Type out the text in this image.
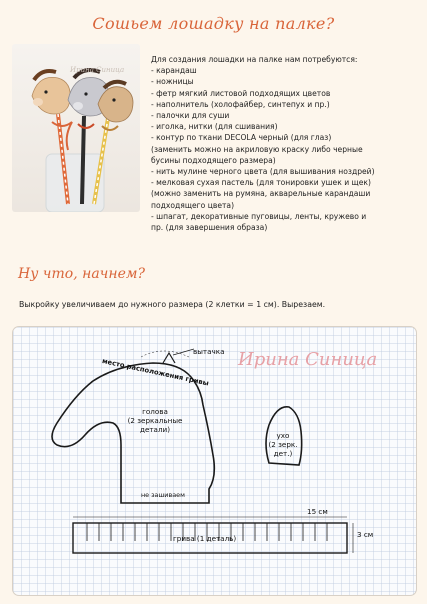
Сошьем лошадку на палке?
Ирина Синица
Для создания лошадки на палке нам потребуются:
- карандаш
- ножницы
- фетр мягкий листовой подходящих цветов
- наполнитель (холофайбер, синтепух и пр.)
- палочки для суши
- иголка, нитки (для сшивания)
- контур по ткани DECOLA черный (для глаз)
(заменить можно на акриловую краску либо черные
бусины подходящего размера)
- нить мулине черного цвета (для вышивания ноздрей)
- мелковая сухая пастель (для тонировки ушек и щек)
(можно заменить на румяна, акварельные карандаши
подходящего цвета)
- шпагат, декоративные пуговицы, ленты, кружево и
пр. (для завершения образа)
Ну что, начнем?
Выкройку увеличиваем до нужного размера (2 клетки = 1 см). Вырезаем.
Ирина Синица
место расположения гривы
вытачка
голова
(2 зеркальные
детали)
ухо
(2 зерк.
дет.)
не зашиваем
15 см
3 см
грива (1 деталь)
